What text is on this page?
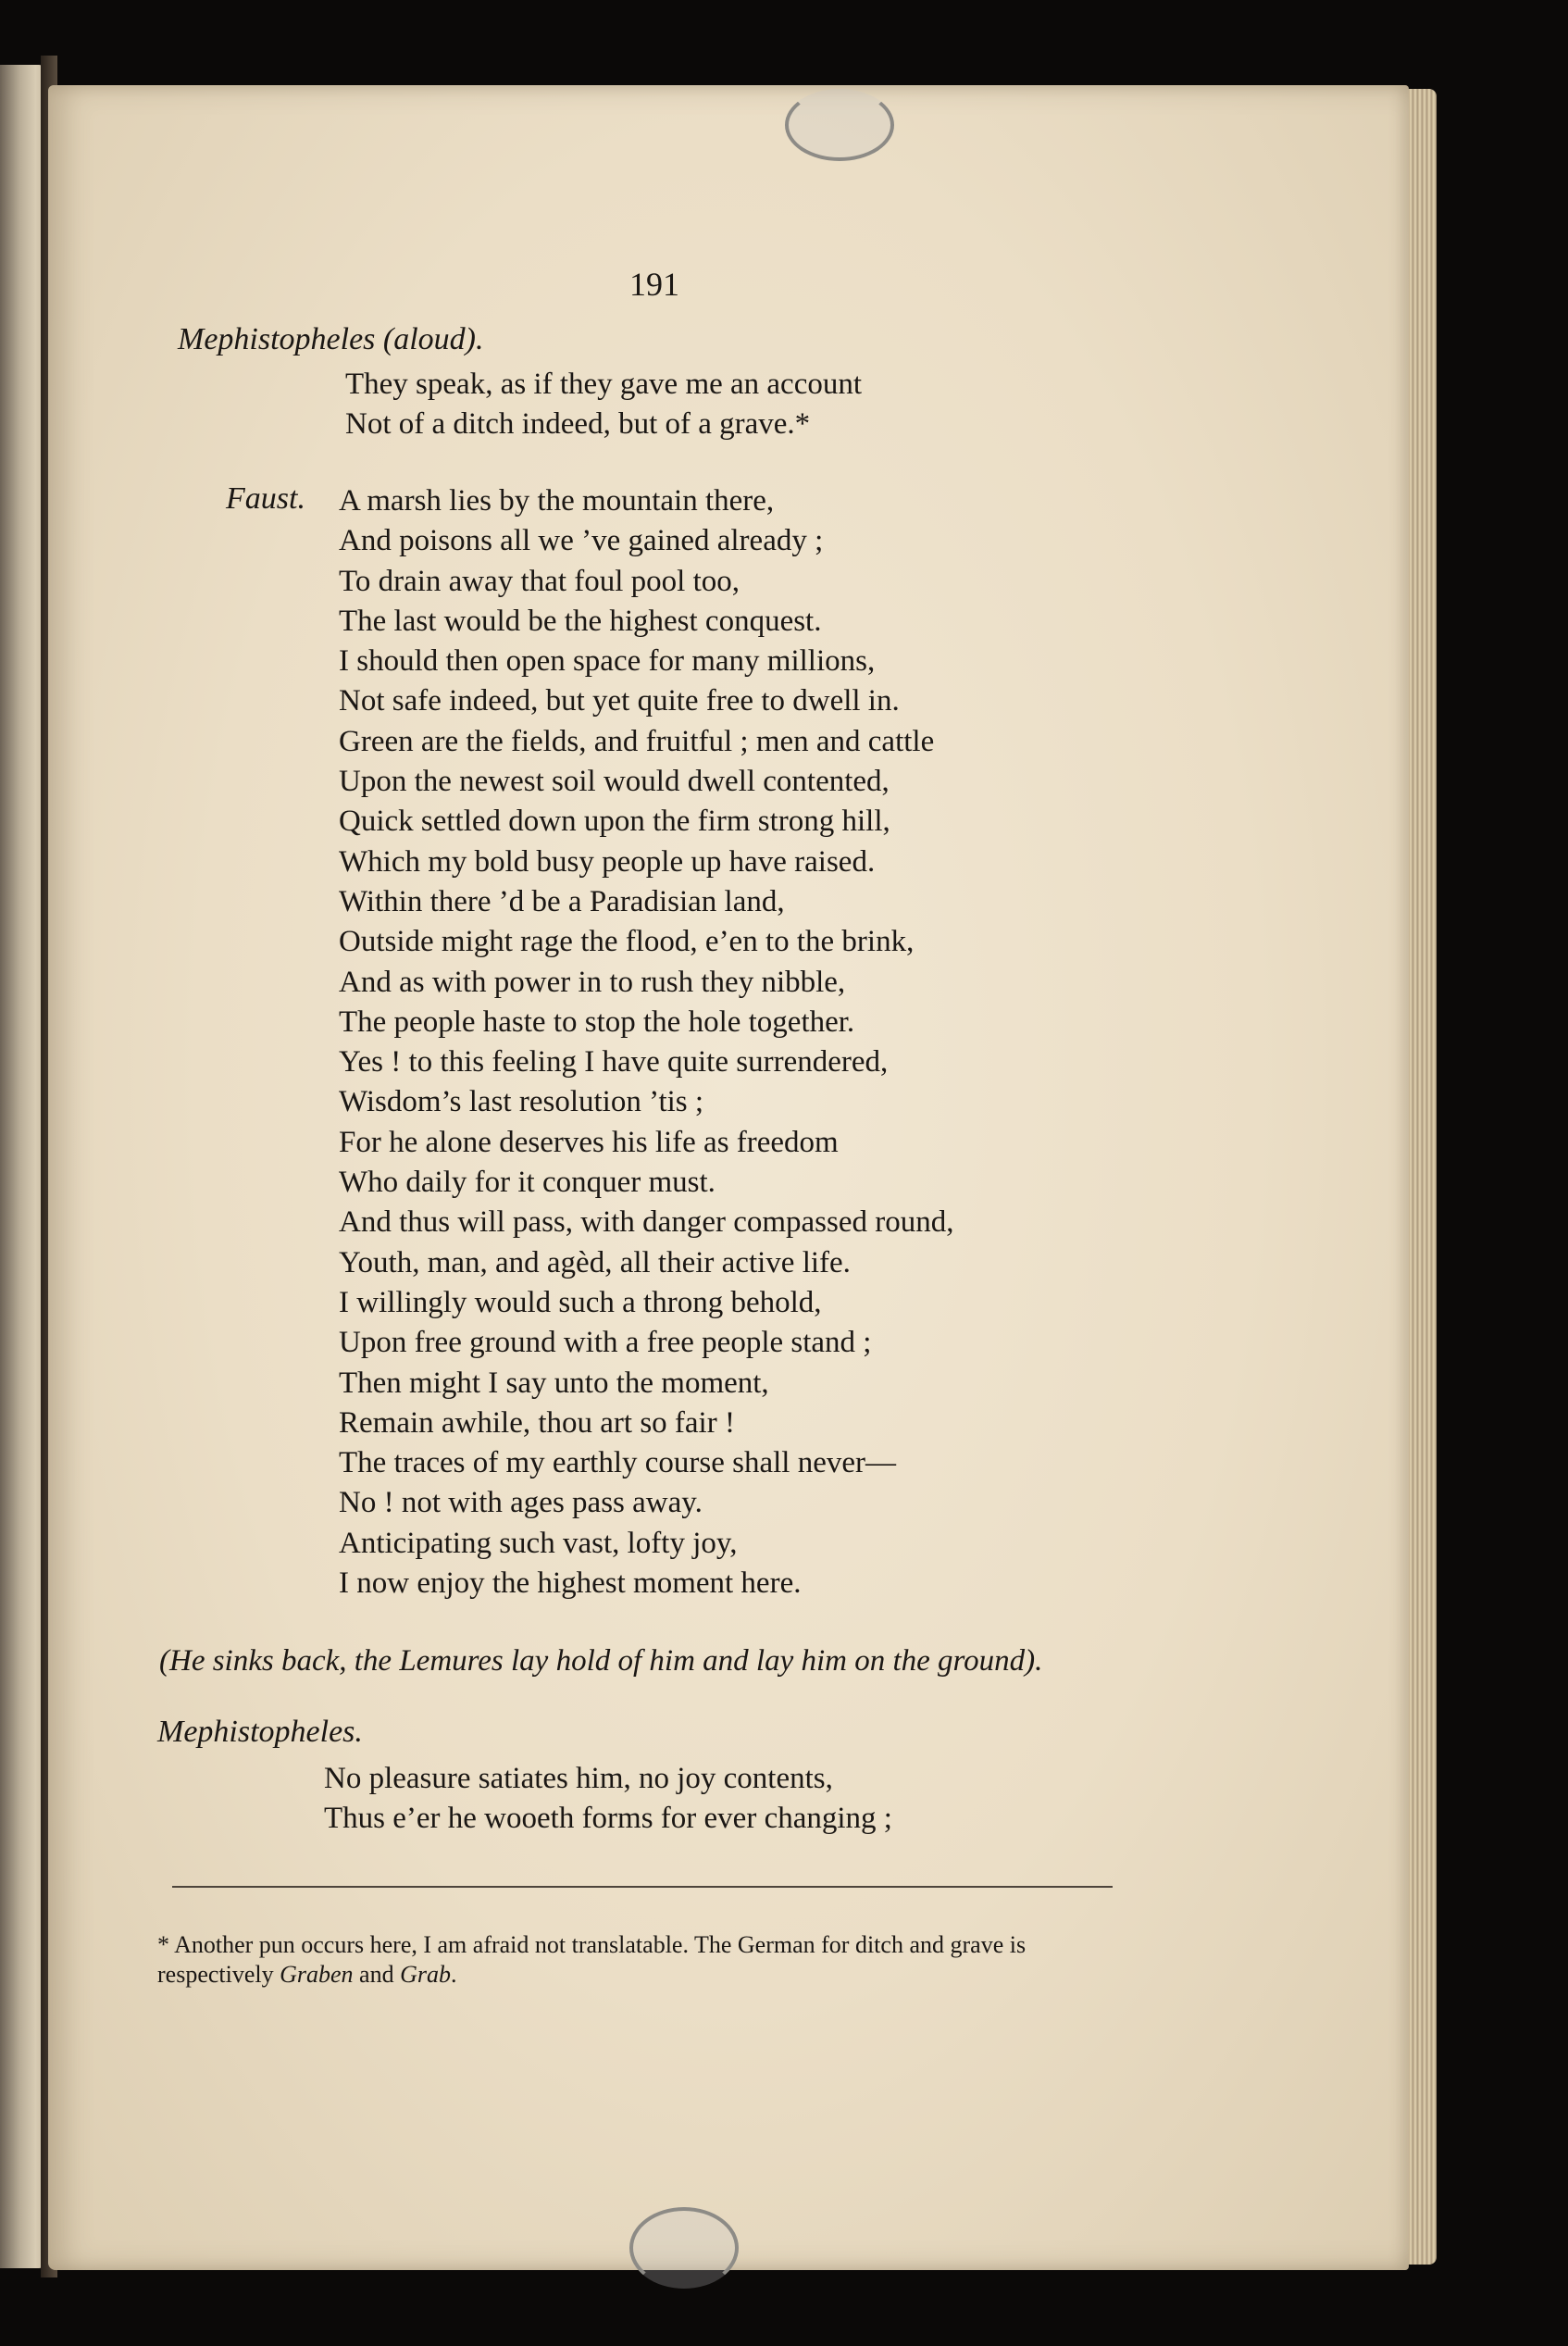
191
Mephistopheles (aloud).
They speak, as if they gave me an account
Not of a ditch indeed, but of a grave.*
Faust. A marsh lies by the mountain there,
And poisons all we ’ve gained already ;
To drain away that foul pool too,
The last would be the highest conquest.
I should then open space for many millions,
Not safe indeed, but yet quite free to dwell in.
Green are the fields, and fruitful ; men and cattle
Upon the newest soil would dwell contented,
Quick settled down upon the firm strong hill,
Which my bold busy people up have raised.
Within there ’d be a Paradisian land,
Outside might rage the flood, e’en to the brink,
And as with power in to rush they nibble,
The people haste to stop the hole together.
Yes ! to this feeling I have quite surrendered,
Wisdom’s last resolution ’tis ;
For he alone deserves his life as freedom
Who daily for it conquer must.
And thus will pass, with danger compassed round,
Youth, man, and agèd, all their active life.
I willingly would such a throng behold,
Upon free ground with a free people stand ;
Then might I say unto the moment,
Remain awhile, thou art so fair !
The traces of my earthly course shall never—
No ! not with ages pass away.
Anticipating such vast, lofty joy,
I now enjoy the highest moment here.
(He sinks back, the Lemures lay hold of him and lay him on the ground).
Mephistopheles.
No pleasure satiates him, no joy contents,
Thus e’er he wooeth forms for ever changing ;
* Another pun occurs here, I am afraid not translatable. The German for ditch and grave is respectively Graben and Grab.
